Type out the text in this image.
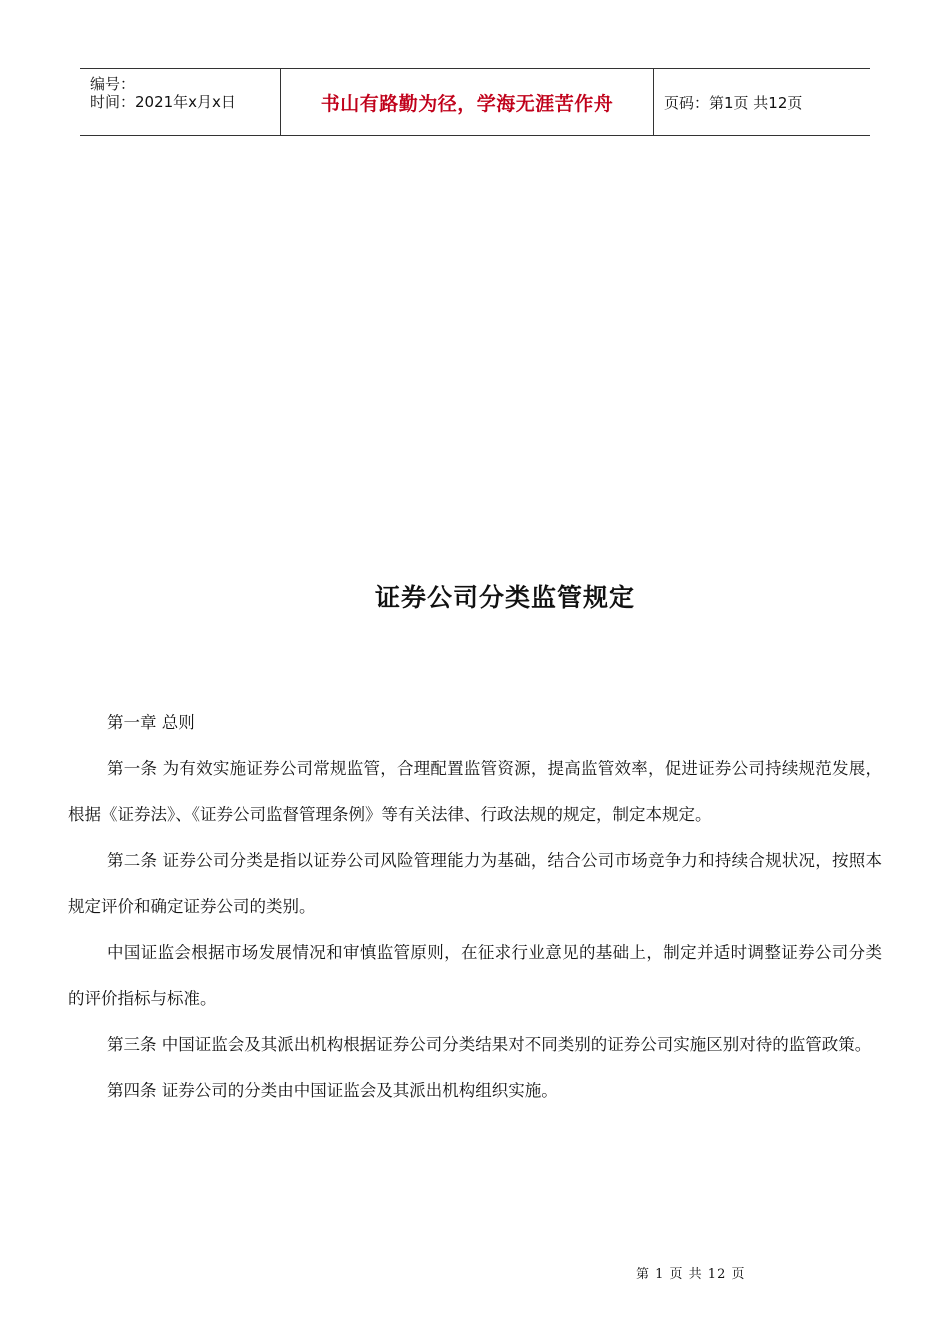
编号：
时间：2021年x月x日	书山有路勤为径，学海无涯苦作舟	页码：第1页 共12页
证券公司分类监管规定

第一章 总则

第一条 为有效实施证券公司常规监管，合理配置监管资源，提高监管效率，促进证券公司持续规范发展，根据《证券法》、《证券公司监督管理条例》等有关法律、行政法规的规定，制定本规定。

第二条 证券公司分类是指以证券公司风险管理能力为基础，结合公司市场竞争力和持续合规状况，按照本规定评价和确定证券公司的类别。

中国证监会根据市场发展情况和审慎监管原则，在征求行业意见的基础上，制定并适时调整证券公司分类的评价指标与标准。

第三条 中国证监会及其派出机构根据证券公司分类结果对不同类别的证券公司实施区别对待的监管政策。

第四条 证券公司的分类由中国证监会及其派出机构组织实施。

第 1 页 共 12 页
